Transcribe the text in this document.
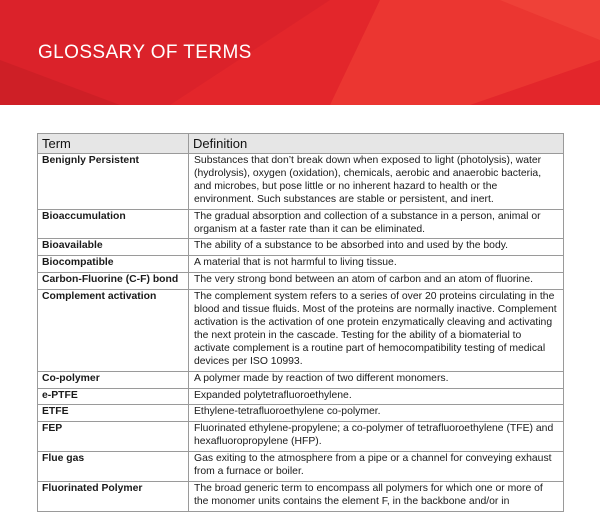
GLOSSARY OF TERMS
Term	Definition
Benignly Persistent	Substances that don’t break down when exposed to light (photolysis), water (hydrolysis), oxygen (oxidation), chemicals, aerobic and anaerobic bacteria, and microbes, but pose little or no inherent hazard to health or the environment. Such substances are stable or persistent, and inert.
Bioaccumulation	The gradual absorption and collection of a substance in a person, animal or organism at a faster rate than it can be eliminated.
Bioavailable	The ability of a substance to be absorbed into and used by the body.
Biocompatible	A material that is not harmful to living tissue.
Carbon-Fluorine (C-F) bond	The very strong bond between an atom of carbon and an atom of fluorine.
Complement activation	The complement system refers to a series of over 20 proteins circulating in the blood and tissue fluids. Most of the proteins are normally inactive. Complement activation is the activation of one protein enzymatically cleaving and activating the next protein in the cascade. Testing for the ability of a biomaterial to activate complement is a routine part of hemocompatibility testing of medical devices per ISO 10993.
Co-polymer	A polymer made by reaction of two different monomers.
e-PTFE	Expanded polytetrafluoroethylene.
ETFE	Ethylene-tetrafluoroethylene co-polymer.
FEP	Fluorinated ethylene-propylene; a co-polymer of tetrafluoroethylene (TFE) and hexafluoropropylene (HFP).
Flue gas	Gas exiting to the atmosphere from a pipe or a channel for conveying exhaust from a furnace or boiler.
Fluorinated Polymer	The broad generic term to encompass all polymers for which one or more of the monomer units contains the element F, in the backbone and/or in
